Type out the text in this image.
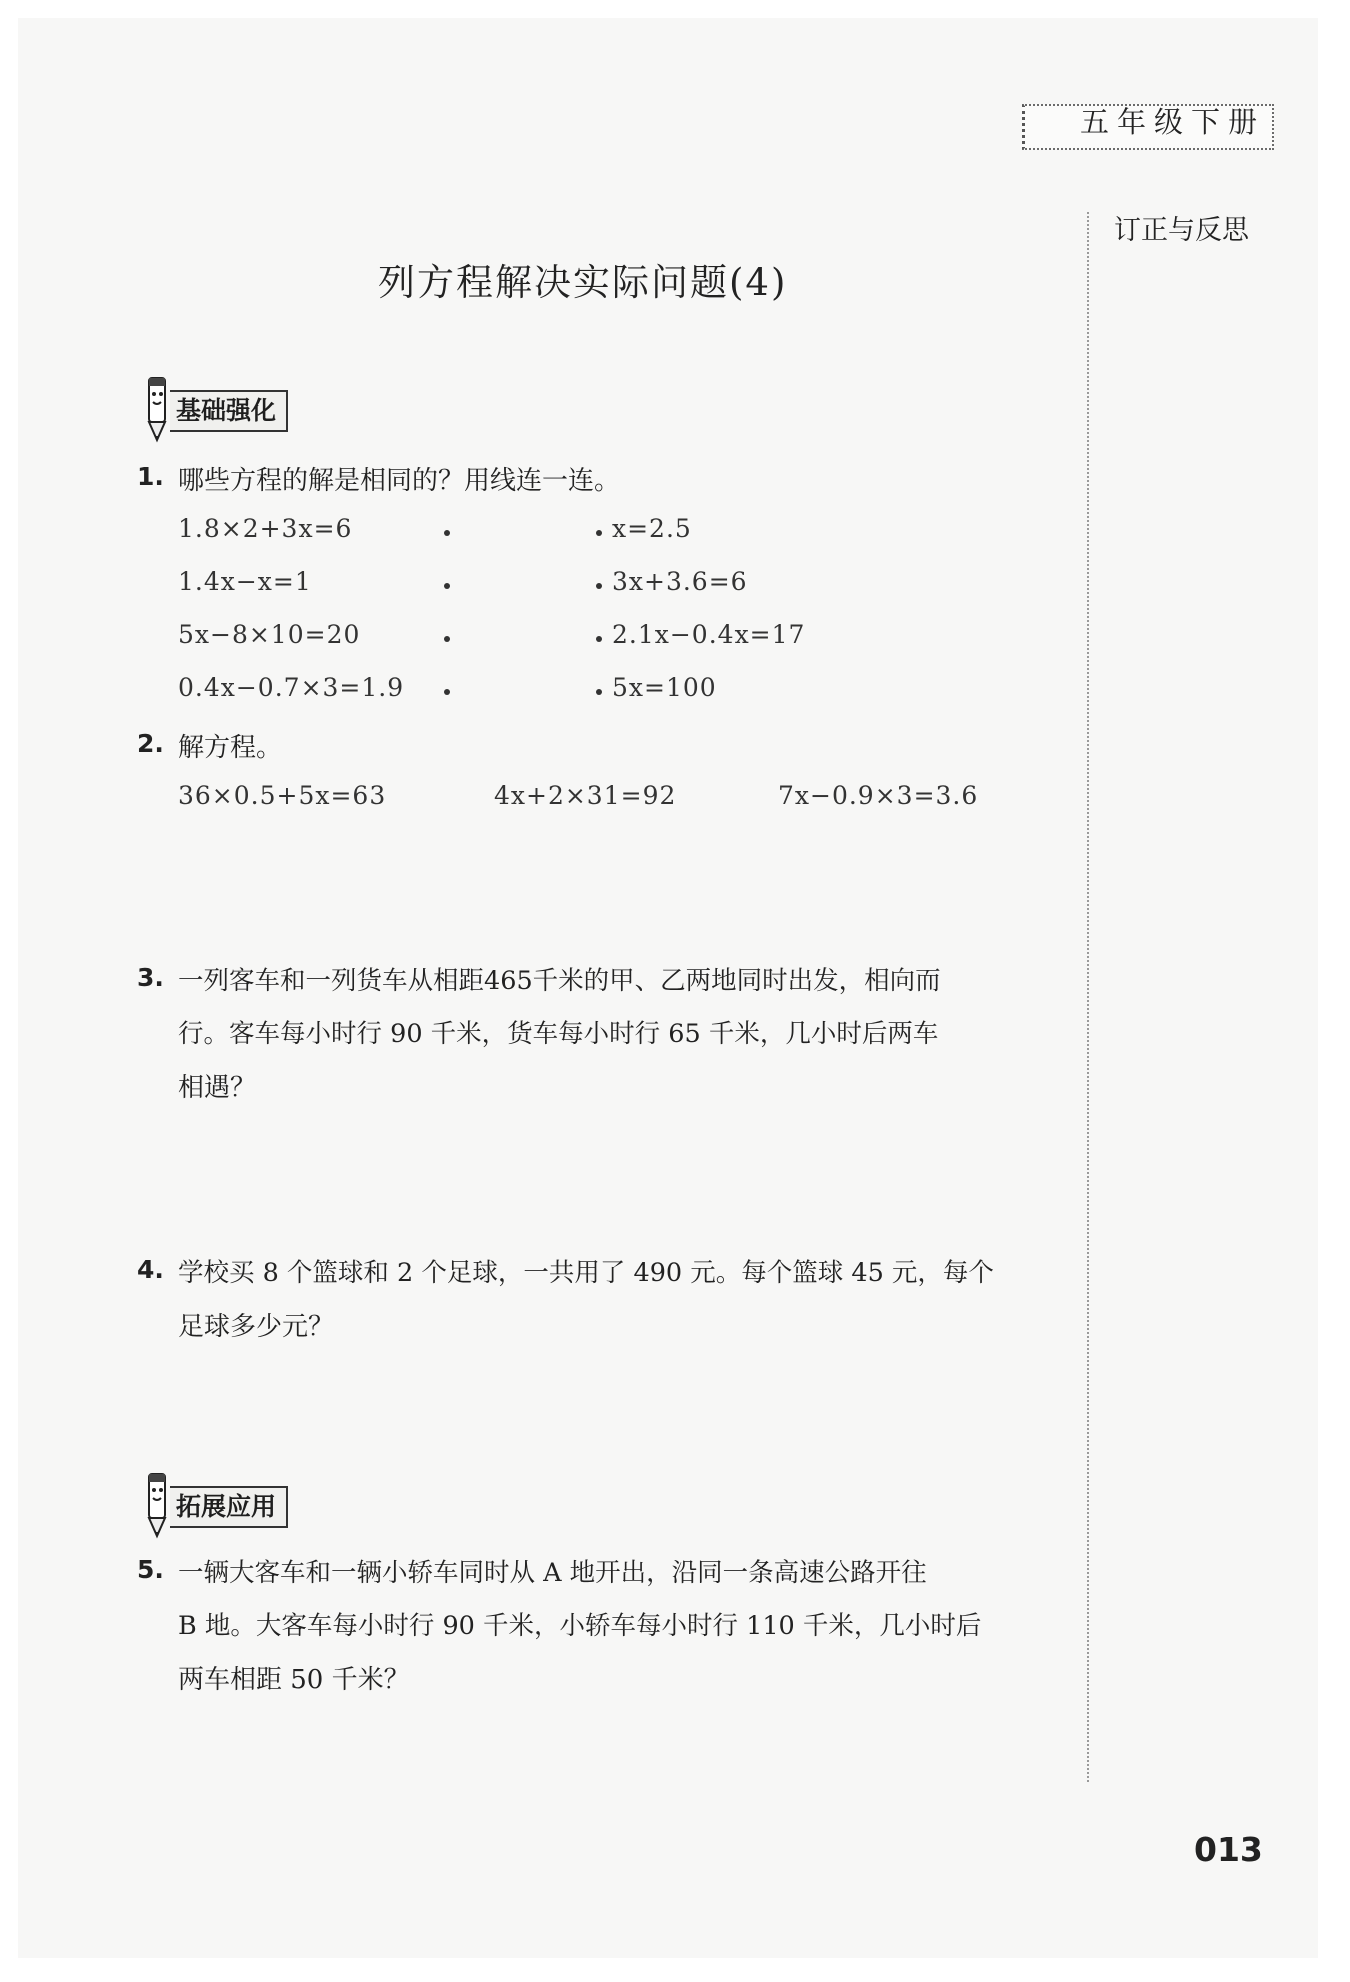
五年级下册
订正与反思
列方程解决实际问题(4)
基础强化
1. 哪些方程的解是相同的？用线连一连。
1.8×2+3x=6
1.4x−x=1
5x−8×10=20
0.4x−0.7×3=1.9
x=2.5
3x+3.6=6
2.1x−0.4x=17
5x=100
2. 解方程。
36×0.5+5x=63	4x+2×31=92	7x−0.9×3=3.6
3. 一列客车和一列货车从相距465千米的甲、乙两地同时出发，相向而
行。客车每小时行 90 千米，货车每小时行 65 千米，几小时后两车
相遇？
4. 学校买 8 个篮球和 2 个足球，一共用了 490 元。每个篮球 45 元，每个
足球多少元？
拓展应用
5. 一辆大客车和一辆小轿车同时从 A 地开出，沿同一条高速公路开往
B 地。大客车每小时行 90 千米，小轿车每小时行 110 千米，几小时后
两车相距 50 千米？
013
